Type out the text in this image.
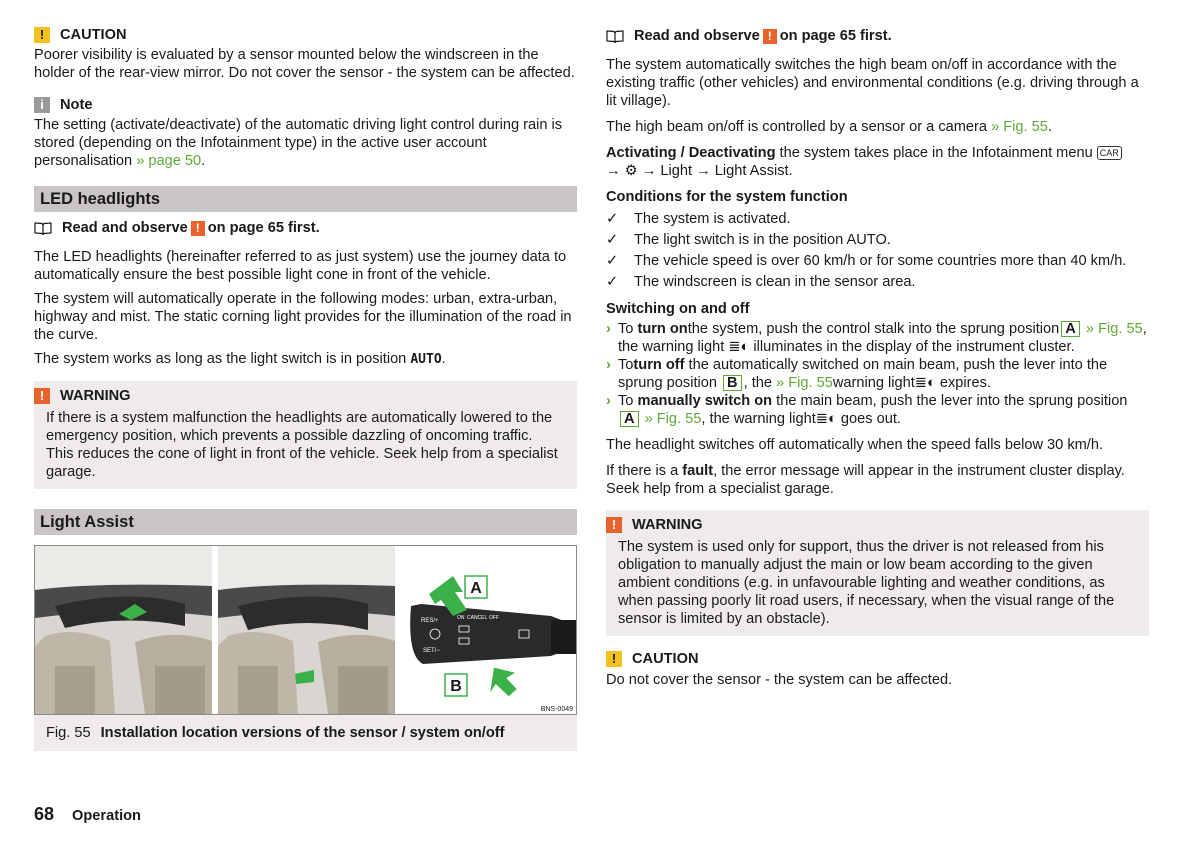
!	CAUTION

Poorer visibility is evaluated by a sensor mounted below the windscreen in the holder of the rear-view mirror. Do not cover the sensor - the system can be affected.

i	Note

The setting (activate/deactivate) of the automatic driving light control during rain is stored (depending on the Infotainment type) in the active user account personalisation » page 50.

LED headlights
Read and observe ! on page 65 first.

The LED headlights (hereinafter referred to as just system) use the journey data to automatically ensure the best possible light cone in front of the vehicle.

The system will automatically operate in the following modes: urban, extra-urban, highway and mist. The static corning light provides for the illumination of the road in the curve.

The system works as long as the light switch is in position AUTO.

!	WARNING

If there is a system malfunction the headlights are automatically lowered to the emergency position, which prevents a possible dazzling of oncoming traffic. This reduces the cone of light in front of the vehicle. Seek help from a specialist garage.

Light Assist
RES/+	ON CANCEL OFF
SET/−
A
B
BNS-0049
Fig. 55 Installation location versions of the sensor / system on/off
Read and observe ! on page 65 first.

The system automatically switches the high beam on/off in accordance with the existing traffic (other vehicles) and environmental conditions (e.g. driving through a lit village).

The high beam on/off is controlled by a sensor or a camera » Fig. 55.

Activating / Deactivating the system takes place in the Infotainment menu CAR
→ ⚙ → Light → Light Assist.

Conditions for the system function

✓	The system is activated.
✓	The light switch is in the position AUTO.
✓	The vehicle speed is over 60 km/h or for some countries more than 40 km/h.
✓	The windscreen is clean in the sensor area.

Switching on and off

› To turn onthe system, push the control stalk into the sprung position A » Fig. 55, the warning light ≣◐ illuminates in the display of the instrument cluster.
› Toturn off the automatically switched on main beam, push the lever into the sprung position B , the » Fig. 55warning light≣◐ expires.
› To manually switch on the main beam, push the lever into the sprung positionA » Fig. 55, the warning light≣◐ goes out.

The headlight switches off automatically when the speed falls below 30 km/h.

If there is a fault, the error message will appear in the instrument cluster display. Seek help from a specialist garage.

!	WARNING

The system is used only for support, thus the driver is not released from his obligation to manually adjust the main or low beam according to the given ambient conditions (e.g. in unfavourable lighting and weather conditions, as when passing poorly lit road users, if necessary, when the visual range of the sensor is limited by an obstacle).

!	CAUTION

Do not cover the sensor - the system can be affected.

68 Operation
